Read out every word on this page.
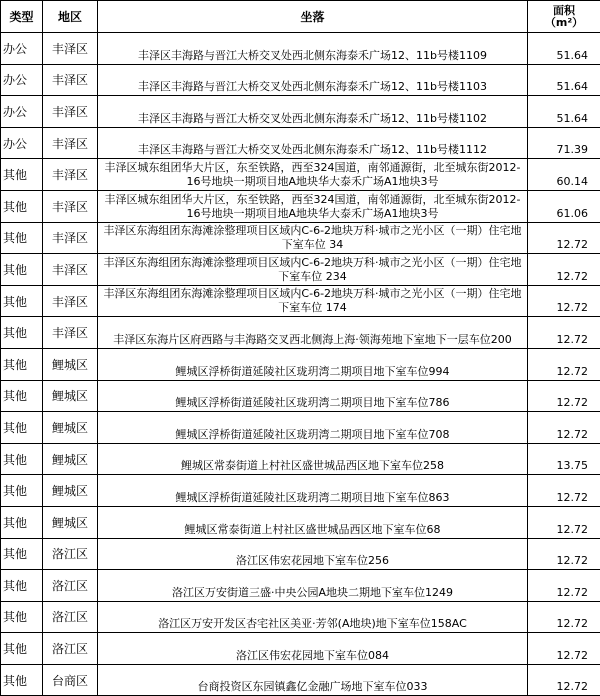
类型	地区	坐落	面积
（m²）
办公	丰泽区	丰泽区丰海路与晋江大桥交叉处西北侧东海泰禾广场12、11b号楼1109	51.64
办公	丰泽区	丰泽区丰海路与晋江大桥交叉处西北侧东海泰禾广场12、11b号楼1103	51.64
办公	丰泽区	丰泽区丰海路与晋江大桥交叉处西北侧东海泰禾广场12、11b号楼1102	51.64
办公	丰泽区	丰泽区丰海路与晋江大桥交叉处西北侧东海泰禾广场12、11b号楼1112	71.39
其他	丰泽区	丰泽区城东组团华大片区，东至铁路，西至324国道，南邻通源街，北至城东街2012-16号地块一期项目地A地块华大泰禾广场A1地块3号	60.14
其他	丰泽区	丰泽区城东组团华大片区，东至铁路，西至324国道，南邻通源街，北至城东街2012-16号地块一期项目地A地块华大泰禾广场A1地块3号	61.06
其他	丰泽区	丰泽区东海组团东海滩涂整理项目区域内C-6-2地块万科·城市之光小区（一期）住宅地下室车位 34	12.72
其他	丰泽区	丰泽区东海组团东海滩涂整理项目区域内C-6-2地块万科·城市之光小区（一期）住宅地下室车位 234	12.72
其他	丰泽区	丰泽区东海组团东海滩涂整理项目区域内C-6-2地块万科·城市之光小区（一期）住宅地下室车位 174	12.72
其他	丰泽区	丰泽区东海片区府西路与丰海路交叉西北侧海上海·领海苑地下室地下一层车位200	12.72
其他	鲤城区	鲤城区浮桥街道延陵社区珑玥湾二期项目地下室车位994	12.72
其他	鲤城区	鲤城区浮桥街道延陵社区珑玥湾二期项目地下室车位786	12.72
其他	鲤城区	鲤城区浮桥街道延陵社区珑玥湾二期项目地下室车位708	12.72
其他	鲤城区	鲤城区常泰街道上村社区盛世城品西区地下室车位258	13.75
其他	鲤城区	鲤城区浮桥街道延陵社区珑玥湾二期项目地下室车位863	12.72
其他	鲤城区	鲤城区常泰街道上村社区盛世城品西区地下室车位68	12.72
其他	洛江区	洛江区伟宏花园地下室车位256	12.72
其他	洛江区	洛江区万安街道三盛·中央公园A地块二期地下室车位1249	12.72
其他	洛江区	洛江区万安开发区杏宅社区美亚·芳邻(A地块)地下室车位158AC	12.72
其他	洛江区	洛江区伟宏花园地下室车位084	12.72
其他	台商区	台商投资区东园镇鑫亿金融广场地下室车位033	12.72
